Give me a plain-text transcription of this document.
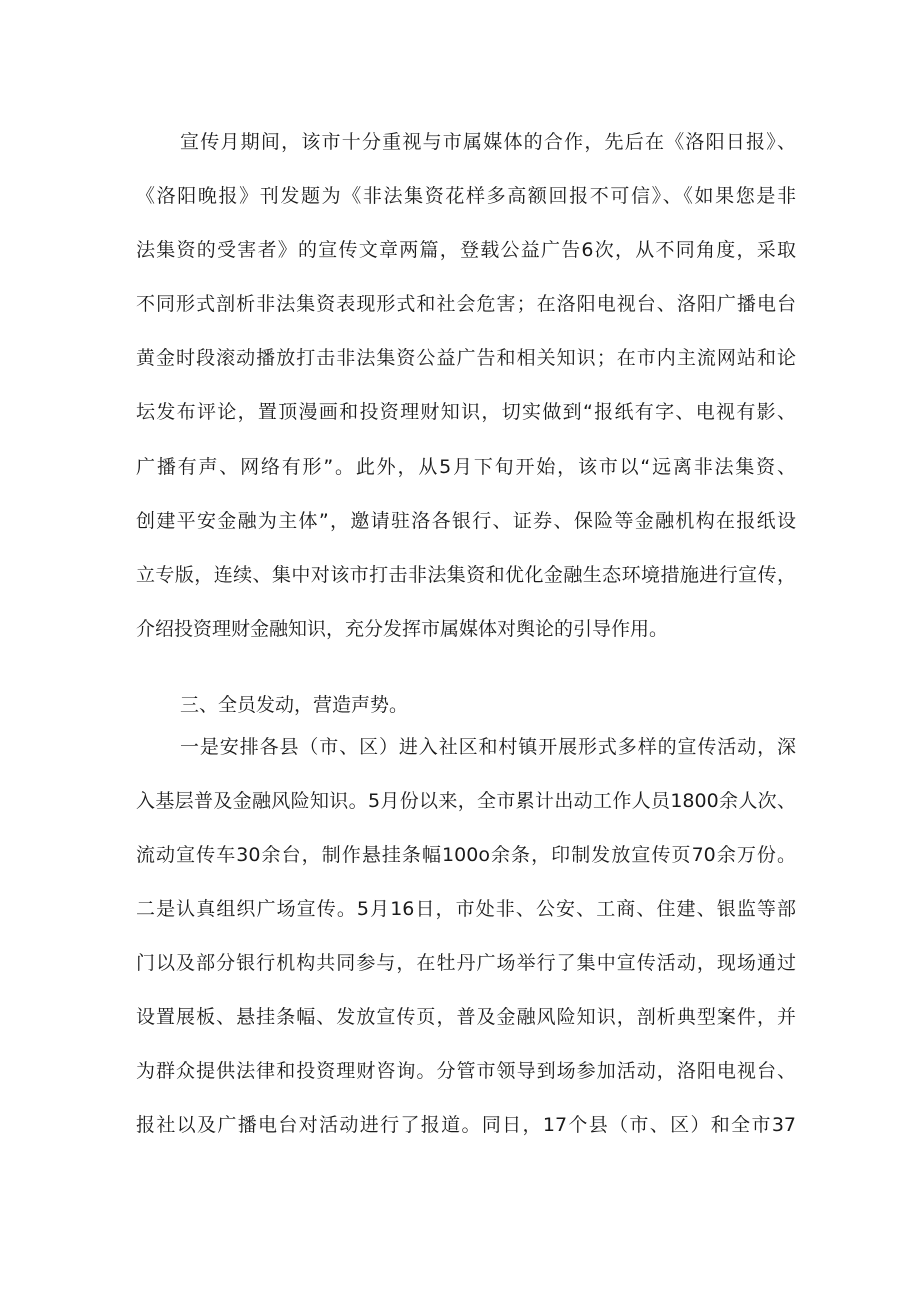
宣传月期间，该市十分重视与市属媒体的合作，先后在《洛阳日报》、
《洛阳晚报》刊发题为《非法集资花样多高额回报不可信》、《如果您是非
法集资的受害者》的宣传文章两篇，登载公益广告6次，从不同角度，采取
不同形式剖析非法集资表现形式和社会危害；在洛阳电视台、洛阳广播电台
黄金时段滚动播放打击非法集资公益广告和相关知识；在市内主流网站和论
坛发布评论，置顶漫画和投资理财知识，切实做到“报纸有字、电视有影、
广播有声、网络有形”。此外，从5月下旬开始，该市以“远离非法集资、
创建平安金融为主体”，邀请驻洛各银行、证券、保险等金融机构在报纸设
立专版，连续、集中对该市打击非法集资和优化金融生态环境措施进行宣传，
介绍投资理财金融知识，充分发挥市属媒体对舆论的引导作用。
三、全员发动，营造声势。
一是安排各县（市、区）进入社区和村镇开展形式多样的宣传活动，深
入基层普及金融风险知识。5月份以来，全市累计出动工作人员1800余人次、
流动宣传车30余台，制作悬挂条幅100o余条，印制发放宣传页70余万份。
二是认真组织广场宣传。5月16日，市处非、公安、工商、住建、银监等部
门以及部分银行机构共同参与，在牡丹广场举行了集中宣传活动，现场通过
设置展板、悬挂条幅、发放宣传页，普及金融风险知识，剖析典型案件，并
为群众提供法律和投资理财咨询。分管市领导到场参加活动，洛阳电视台、
报社以及广播电台对活动进行了报道。同日，17个县（市、区）和全市37
